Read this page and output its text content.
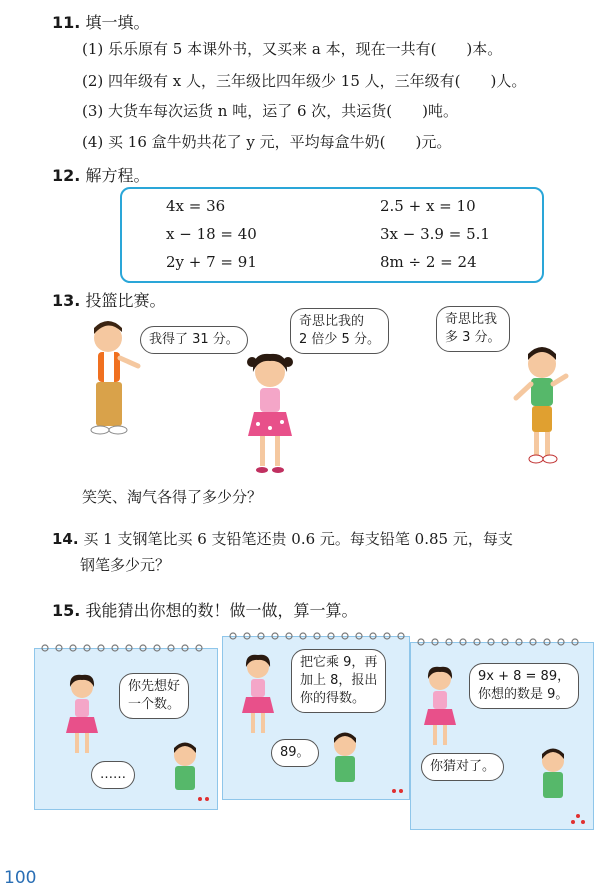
11. 填一填。
(1) 乐乐原有 5 本课外书，又买来 a 本，现在一共有(　　)本。
(2) 四年级有 x 人，三年级比四年级少 15 人，三年级有(　　)人。
(3) 大货车每次运货 n 吨，运了 6 次，共运货(　　)吨。
(4) 买 16 盒牛奶共花了 y 元，平均每盒牛奶(　　)元。
12. 解方程。
4x = 36	2.5 + x = 10
x − 18 = 40	3x − 3.9 = 5.1
2y + 7 = 91	8m ÷ 2 = 24
13. 投篮比赛。
我得了 31 分。
奇思比我的
2 倍少 5 分。
奇思比我
多 3 分。
笑笑、淘气各得了多少分？
14. 买 1 支钢笔比买 6 支铅笔还贵 0.6 元。每支铅笔 0.85 元，每支
钢笔多少元？
15. 我能猜出你想的数！做一做，算一算。
你先想好
一个数。
……
把它乘 9，再
加上 8，报出
你的得数。
89。
9x + 8 = 89，
你想的数是 9。
你猜对了。
100
